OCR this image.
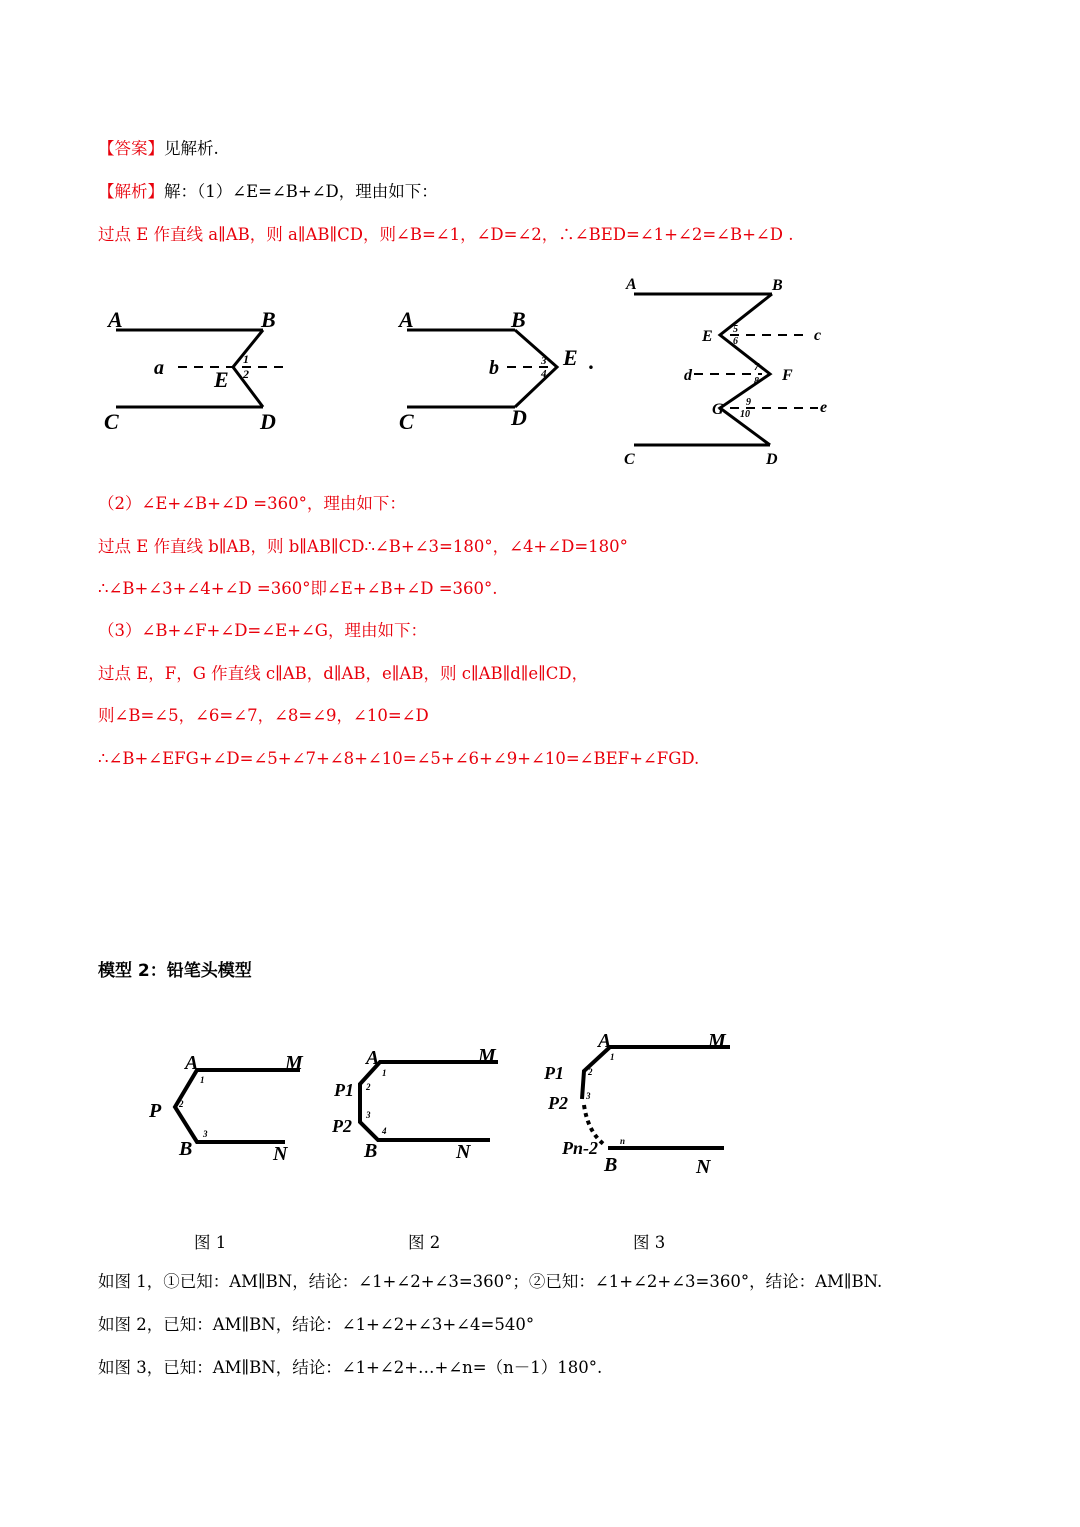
【答案】见解析.
【解析】解：（1）∠E=∠B+∠D，理由如下：
过点 E 作直线 a∥AB，则 a∥AB∥CD，则∠B=∠1，∠D=∠2，∴∠BED=∠1+∠2=∠B+∠D .
A	B
C	D
E
a	1
2
A	B
C	D
E
b	3
4 .
A	B
C	D
E
F
G
c
d
e
5
6
7
8
9
10
（2）∠E+∠B+∠D =360°，理由如下：
过点 E 作直线 b∥AB，则 b∥AB∥CD∴∠B+∠3=180°，∠4+∠D=180°
∴∠B+∠3+∠4+∠D =360°即∠E+∠B+∠D =360°.
（3）∠B+∠F+∠D=∠E+∠G，理由如下：
过点 E，F，G 作直线 c∥AB，d∥AB，e∥AB，则 c∥AB∥d∥e∥CD，
则∠B=∠5，∠6=∠7，∠8=∠9，∠10=∠D
∴∠B+∠EFG+∠D=∠5+∠7+∠8+∠10=∠5+∠6+∠9+∠10=∠BEF+∠FGD.
模型 2：铅笔头模型
A	M
P
B	N
1
2
3
A	M
P1
P2
B	N
1
2
3
4
A	M
P1
P2
Pn-2
B	N
1
2
3
n
图 1	图 2	图 3
如图 1，①已知：AM∥BN，结论：∠1+∠2+∠3=360°；②已知：∠1+∠2+∠3=360°，结论：AM∥BN.
如图 2，已知：AM∥BN，结论：∠1+∠2+∠3+∠4=540°
如图 3，已知：AM∥BN，结论：∠1+∠2+…+∠n=（n－1）180°.
